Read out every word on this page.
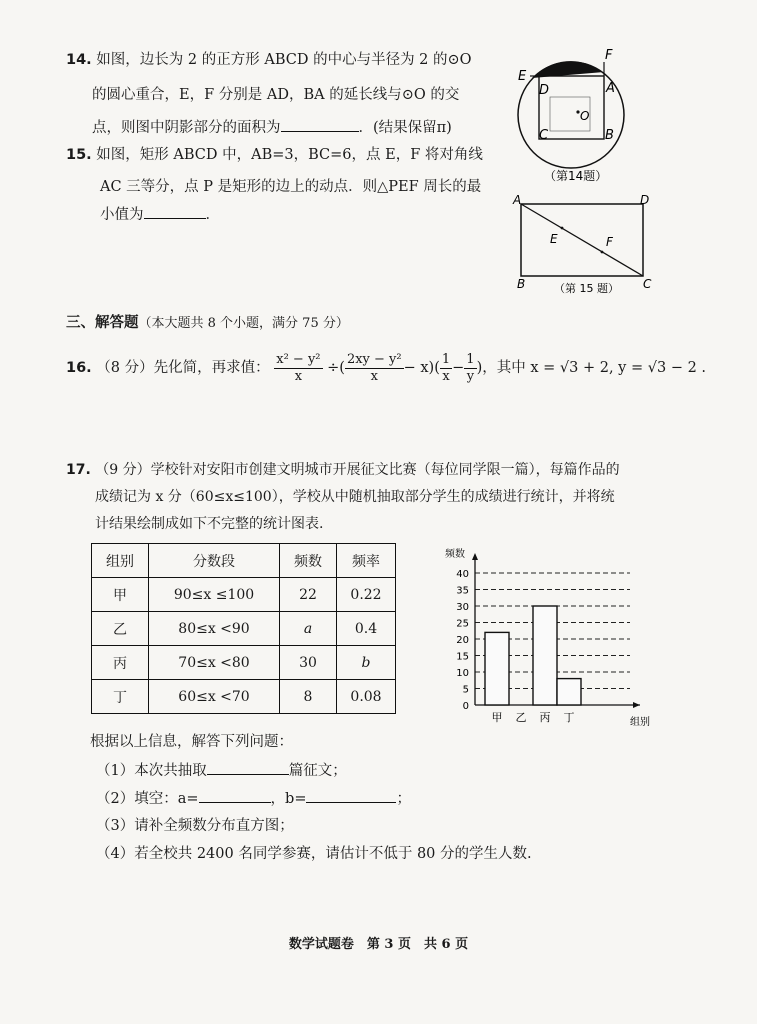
14. 如图，边长为 2 的正方形 ABCD 的中心与半径为 2 的⊙O
的圆心重合，E，F 分别是 AD，BA 的延长线与⊙O 的交
点，则图中阴影部分的面积为	．(结果保留π)
E
F
A
D
C	B
O
（第14题）
15. 如图，矩形 ABCD 中，AB=3，BC=6，点 E，F 将对角线
AC 三等分，点 P 是矩形的边上的动点．则△PEF 周长的最
小值为	．
A	D
B	C
E	F
（第 15 题）
三、解答题（本大题共 8 个小题，满分 75 分）
16. （8 分）先化简，再求值： $\frac{\text{x² − y²}}{x}$ ÷( $\frac{\text{2xy − y²}}{x} - x)( \frac{1}{x} - \frac{1}{y}$ )，其中 x = √3 + 2, y = √3 − 2 .
17. （9 分）学校针对安阳市创建文明城市开展征文比赛（每位同学限一篇），每篇作品的
成绩记为 x 分（60≤x≤100），学校从中随机抽取部分学生的成绩进行统计，并将统
计结果绘制成如下不完整的统计图表.
组别	分数段	频数	频率
甲	90≤x ≤100	22	0.22
乙	80≤x <90	a	0.4
丙	70≤x <80	30	b
丁	60≤x <70	8	0.08
0
5
10
15
20
25
30
35
40
频数
组别
甲 乙 丙 丁
根据以上信息，解答下列问题：
（1）本次共抽取	篇征文；
（2）填空：a=	，b=	；
（3）请补全频数分布直方图；
（4）若全校共 2400 名同学参赛，请估计不低于 80 分的学生人数.
数学试题卷　第 3 页　共 6 页
